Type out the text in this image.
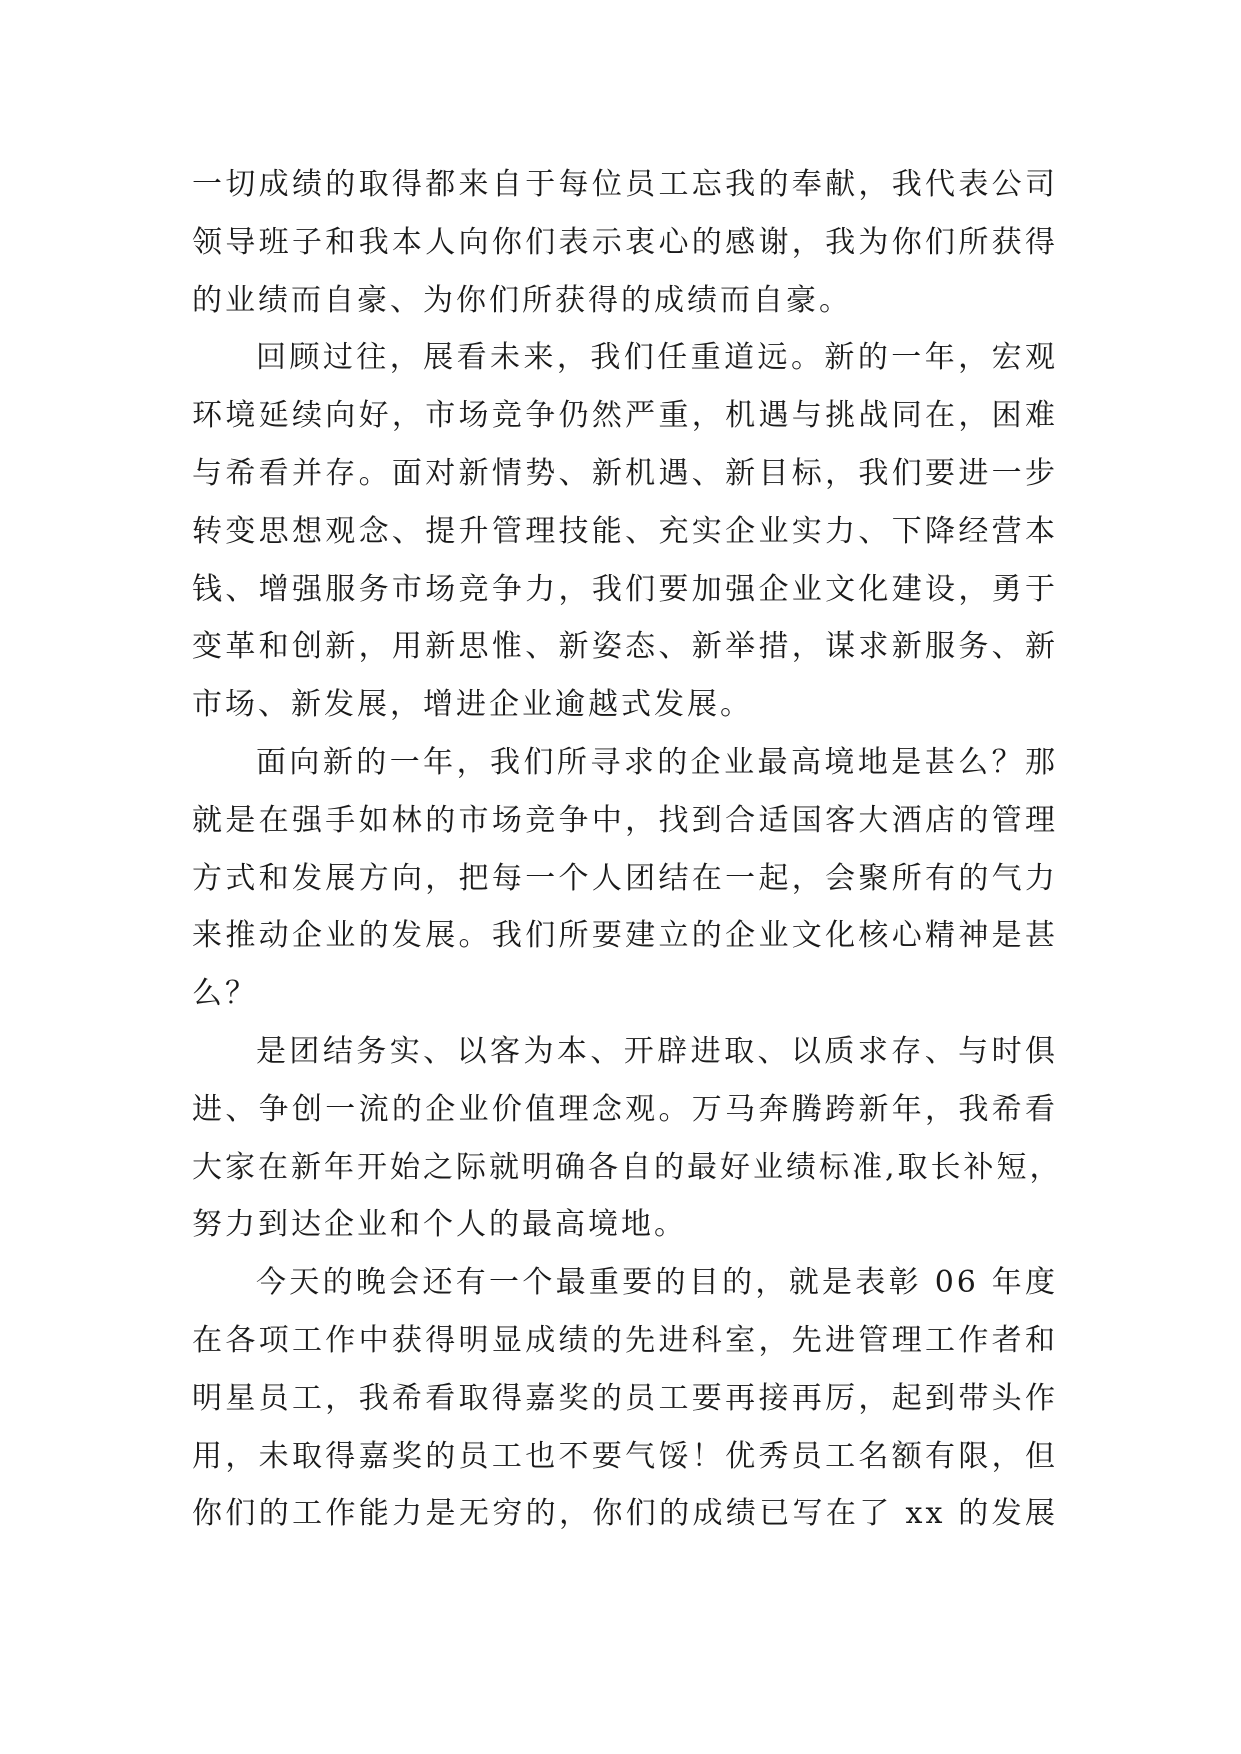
一切成绩的取得都来自于每位员工忘我的奉献，我代表公司
领导班子和我本人向你们表示衷心的感谢，我为你们所获得
的业绩而自豪、为你们所获得的成绩而自豪。
回顾过往，展看未来，我们任重道远。新的一年，宏观
环境延续向好，市场竞争仍然严重，机遇与挑战同在，困难
与希看并存。面对新情势、新机遇、新目标，我们要进一步
转变思想观念、提升管理技能、充实企业实力、下降经营本
钱、增强服务市场竞争力，我们要加强企业文化建设，勇于
变革和创新，用新思惟、新姿态、新举措，谋求新服务、新
市场、新发展，增进企业逾越式发展。
面向新的一年，我们所寻求的企业最高境地是甚么？那
就是在强手如林的市场竞争中，找到合适国客大酒店的管理
方式和发展方向，把每一个人团结在一起，会聚所有的气力
来推动企业的发展。我们所要建立的企业文化核心精神是甚
么？
是团结务实、以客为本、开辟进取、以质求存、与时俱
进、争创一流的企业价值理念观。万马奔腾跨新年，我希看
大家在新年开始之际就明确各自的最好业绩标准,取长补短，
努力到达企业和个人的最高境地。
今天的晚会还有一个最重要的目的，就是表彰 06 年度
在各项工作中获得明显成绩的先进科室，先进管理工作者和
明星员工，我希看取得嘉奖的员工要再接再厉，起到带头作
用，未取得嘉奖的员工也不要气馁！优秀员工名额有限，但
你们的工作能力是无穷的，你们的成绩已写在了 xx 的发展
